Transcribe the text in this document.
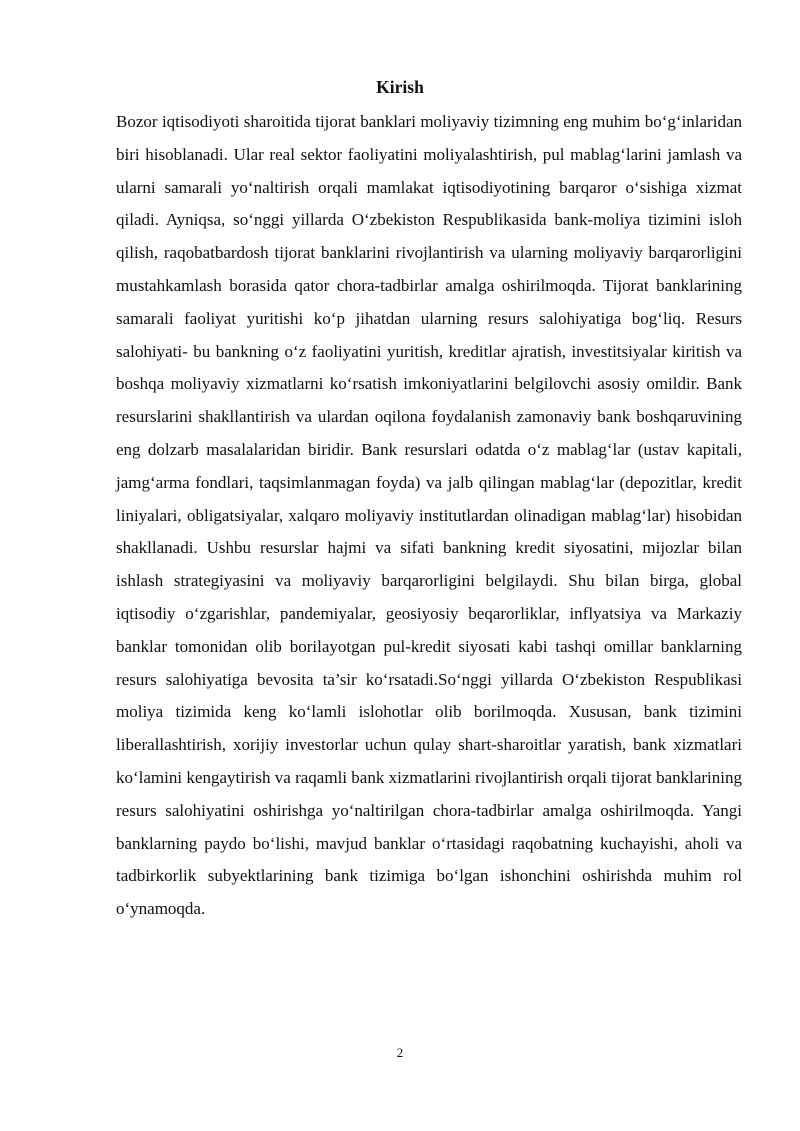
Kirish

Bozor iqtisodiyoti sharoitida tijorat banklari moliyaviy tizimning eng muhim bo‘g‘inlaridan biri hisoblanadi. Ular real sektor faoliyatini moliyalashtirish, pul mablag‘larini jamlash va ularni samarali yo‘naltirish orqali mamlakat iqtisodiyotining barqaror o‘sishiga xizmat qiladi. Ayniqsa, so‘nggi yillarda O‘zbekiston Respublikasida bank-moliya tizimini isloh qilish, raqobatbardosh tijorat banklarini rivojlantirish va ularning moliyaviy barqarorligini mustahkamlash borasida qator chora-tadbirlar amalga oshirilmoqda. Tijorat banklarining samarali faoliyat yuritishi ko‘p jihatdan ularning resurs salohiyatiga bog‘liq. Resurs salohiyati- bu bankning o‘z faoliyatini yuritish, kreditlar ajratish, investitsiyalar kiritish va boshqa moliyaviy xizmatlarni ko‘rsatish imkoniyatlarini belgilovchi asosiy omildir. Bank resurslarini shakllantirish va ulardan oqilona foydalanish zamonaviy bank boshqaruvining eng dolzarb masalalaridan biridir. Bank resurslari odatda o‘z mablag‘lar (ustav kapitali, jamg‘arma fondlari, taqsimlanmagan foyda) va jalb qilingan mablag‘lar (depozitlar, kredit liniyalari, obligatsiyalar, xalqaro moliyaviy institutlardan olinadigan mablag‘lar) hisobidan shakllanadi. Ushbu resurslar hajmi va sifati bankning kredit siyosatini, mijozlar bilan ishlash strategiyasini va moliyaviy barqarorligini belgilaydi. Shu bilan birga, global iqtisodiy o‘zgarishlar, pandemiyalar, geosiyosiy beqarorliklar, inflyatsiya va Markaziy banklar tomonidan olib borilayotgan pul-kredit siyosati kabi tashqi omillar banklarning resurs salohiyatiga bevosita ta’sir ko‘rsatadi.So‘nggi yillarda O‘zbekiston Respublikasi moliya tizimida keng ko‘lamli islohotlar olib borilmoqda. Xususan, bank tizimini liberallashtirish, xorijiy investorlar uchun qulay shart-sharoitlar yaratish, bank xizmatlari ko‘lamini kengaytirish va raqamli bank xizmatlarini rivojlantirish orqali tijorat banklarining resurs salohiyatini oshirishga yo‘naltirilgan chora-tadbirlar amalga oshirilmoqda. Yangi banklarning paydo bo‘lishi, mavjud banklar o‘rtasidagi raqobatning kuchayishi, aholi va tadbirkorlik subyektlarining bank tizimiga bo‘lgan ishonchini oshirishda muhim rol o‘ynamoqda.

2
